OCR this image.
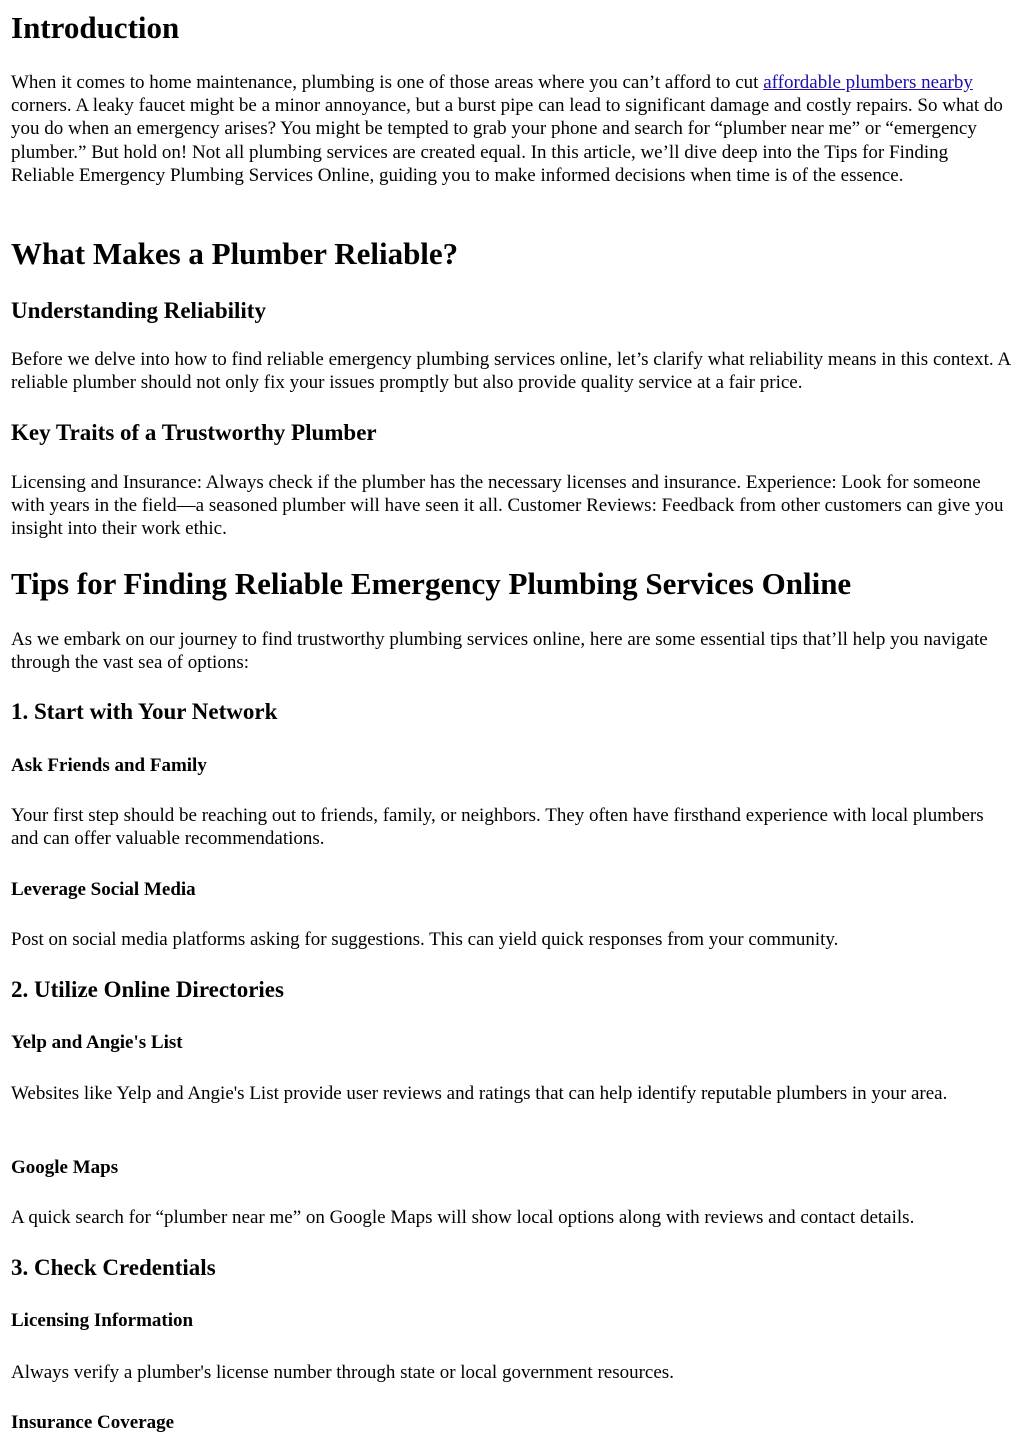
Introduction

When it comes to home maintenance, plumbing is one of those areas where you can’t afford to cut affordable plumbers nearby corners. A leaky faucet might be a minor annoyance, but a burst pipe can lead to significant damage and costly repairs. So what do you do when an emergency arises? You might be tempted to grab your phone and search for “plumber near me” or “emergency plumber.” But hold on! Not all plumbing services are created equal. In this article, we’ll dive deep into the Tips for Finding Reliable Emergency Plumbing Services Online, guiding you to make informed decisions when time is of the essence.

What Makes a Plumber Reliable?
Understanding Reliability

Before we delve into how to find reliable emergency plumbing services online, let’s clarify what reliability means in this context. A reliable plumber should not only fix your issues promptly but also provide quality service at a fair price.

Key Traits of a Trustworthy Plumber

Licensing and Insurance: Always check if the plumber has the necessary licenses and insurance. Experience: Look for someone with years in the field—a seasoned plumber will have seen it all. Customer Reviews: Feedback from other customers can give you insight into their work ethic.

Tips for Finding Reliable Emergency Plumbing Services Online

As we embark on our journey to find trustworthy plumbing services online, here are some essential tips that’ll help you navigate through the vast sea of options:

1. Start with Your Network
Ask Friends and Family

Your first step should be reaching out to friends, family, or neighbors. They often have firsthand experience with local plumbers and can offer valuable recommendations.

Leverage Social Media

Post on social media platforms asking for suggestions. This can yield quick responses from your community.

2. Utilize Online Directories
Yelp and Angie's List

Websites like Yelp and Angie's List provide user reviews and ratings that can help identify reputable plumbers in your area.

Google Maps

A quick search for “plumber near me” on Google Maps will show local options along with reviews and contact details.

3. Check Credentials
Licensing Information

Always verify a plumber's license number through state or local government resources.

Insurance Coverage
